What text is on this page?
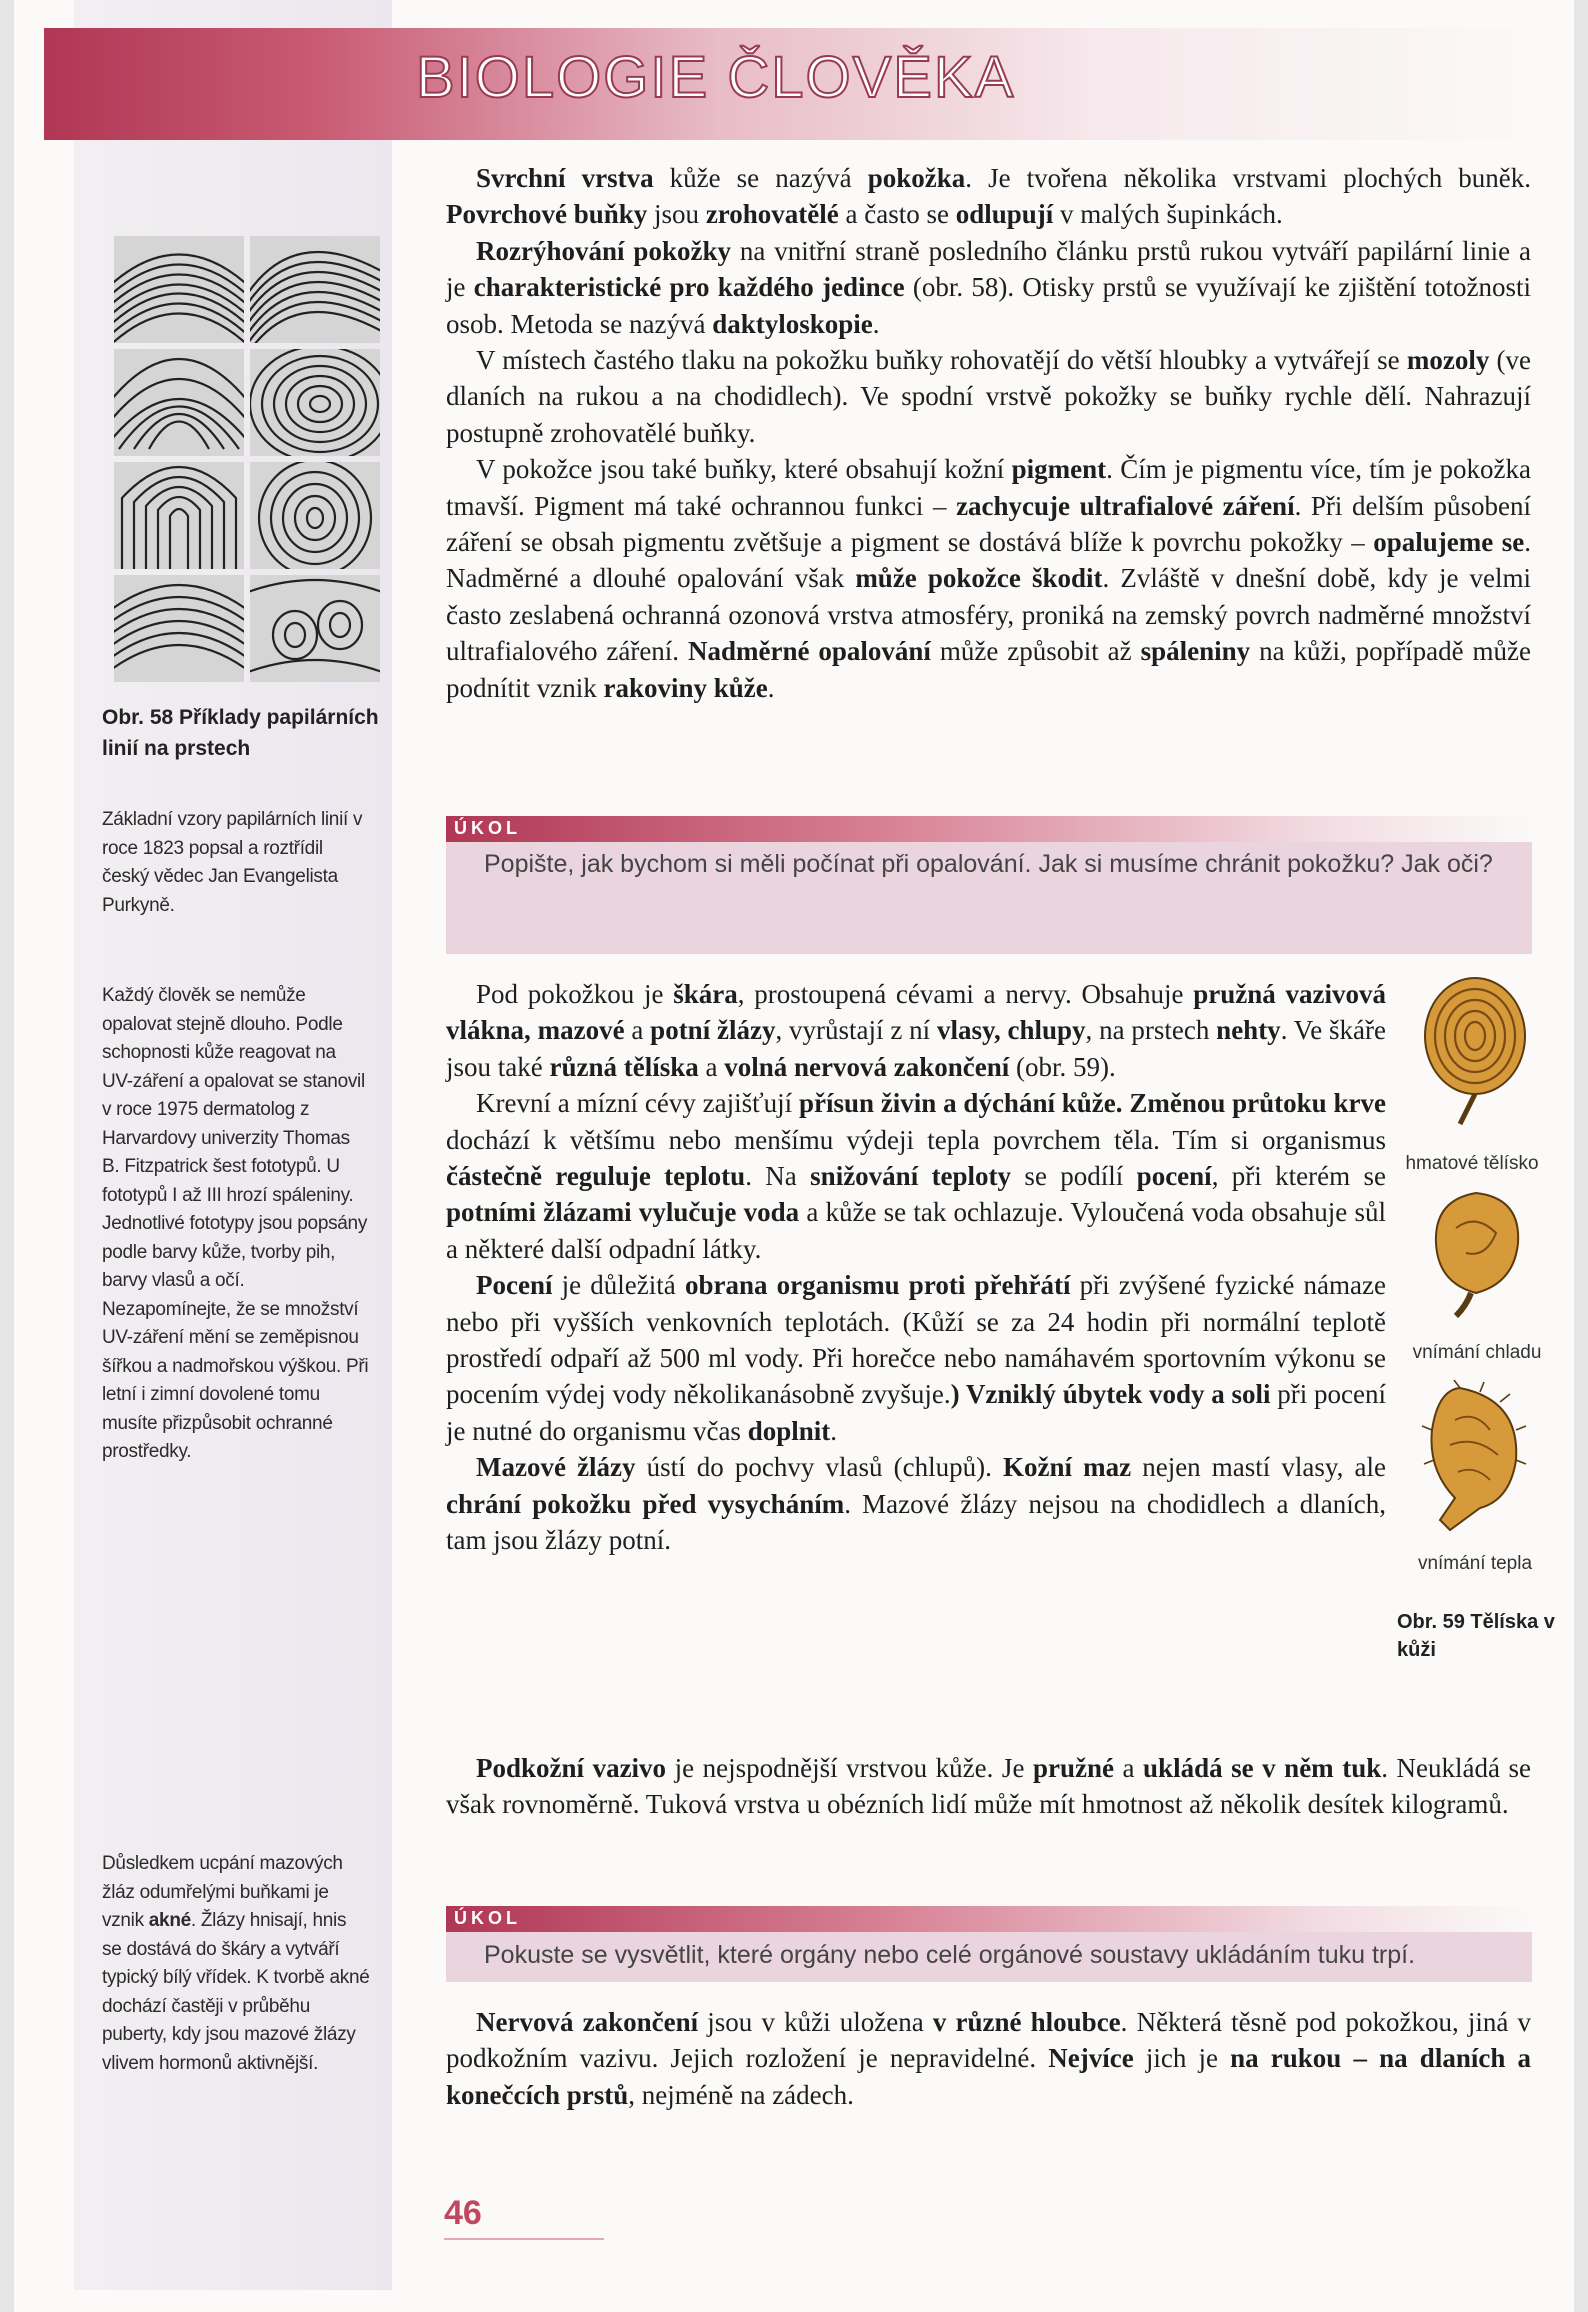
BIOLOGIE ČLOVĚKA
Obr. 58 Příklady papilárních linií na prstech
Základní vzory papilárních linií v roce 1823 popsal a roztřídil český vědec Jan Evangelista Purkyně.
Každý člověk se nemůže opalovat stejně dlouho. Podle schopnosti kůže reagovat na UV-záření a opalovat se stanovil v roce 1975 dermatolog z Harvardovy univerzity Thomas B. Fitzpatrick šest fototypů. U fototypů I až III hrozí spáleniny. Jednotlivé fototypy jsou popsány podle barvy kůže, tvorby pih, barvy vlasů a očí. Nezapomínejte, že se množství UV-záření mění se zeměpisnou šířkou a nadmořskou výškou. Při letní i zimní dovolené tomu musíte přizpůsobit ochranné prostředky.
Důsledkem ucpání mazových žláz odumřelými buňkami je vznik akné. Žlázy hnisají, hnis se dostává do škáry a vytváří typický bílý vřídek. K tvorbě akné dochází častěji v průběhu puberty, kdy jsou mazové žlázy vlivem hormonů aktivnější.

Svrchní vrstva kůže se nazývá pokožka. Je tvořena několika vrstvami plochých buněk. Povrchové buňky jsou zrohovatělé a často se odlupují v malých šupinkách.

Rozrýhování pokožky na vnitřní straně posledního článku prstů rukou vytváří papilární linie a je charakteristické pro každého jedince (obr. 58). Otisky prstů se využívají ke zjištění totožnosti osob. Metoda se nazývá daktyloskopie.

V místech častého tlaku na pokožku buňky rohovatějí do větší hloubky a vytvářejí se mozoly (ve dlaních na rukou a na chodidlech). Ve spodní vrstvě pokožky se buňky rychle dělí. Nahrazují postupně zrohovatělé buňky.

V pokožce jsou také buňky, které obsahují kožní pigment. Čím je pigmentu více, tím je pokožka tmavší. Pigment má také ochrannou funkci – zachycuje ultrafialové záření. Při delším působení záření se obsah pigmentu zvětšuje a pigment se dostává blíže k povrchu pokožky – opalujeme se. Nadměrné a dlouhé opalování však může pokožce škodit. Zvláště v dnešní době, kdy je velmi často zeslabená ochranná ozonová vrstva atmosféry, proniká na zemský povrch nadměrné množství ultrafialového záření. Nadměrné opalování může způsobit až spáleniny na kůži, popřípadě může podnítit vznik rakoviny kůže.

ÚKOL
Popište, jak bychom si měli počínat při opalování. Jak si musíme chránit pokožku? Jak oči?

Pod pokožkou je škára, prostoupená cévami a nervy. Obsahuje pružná vazivová vlákna, mazové a potní žlázy, vyrůstají z ní vlasy, chlupy, na prstech nehty. Ve škáře jsou také různá tělíska a volná nervová zakončení (obr. 59).

Krevní a mízní cévy zajišťují přísun živin a dýchání kůže. Změnou průtoku krve dochází k většímu nebo menšímu výdeji tepla povrchem těla. Tím si organismus částečně reguluje teplotu. Na snižování teploty se podílí pocení, při kterém se potními žlázami vylučuje voda a kůže se tak ochlazuje. Vyloučená voda obsahuje sůl a některé další odpadní látky.

Pocení je důležitá obrana organismu proti přehřátí při zvýšené fyzické námaze nebo při vyšších venkovních teplotách. (Kůží se za 24 hodin při normální teplotě prostředí odpaří až 500 ml vody. Při horečce nebo namáhavém sportovním výkonu se pocením výdej vody několikanásobně zvyšuje.) Vzniklý úbytek vody a soli při pocení je nutné do organismu včas doplnit.

Mazové žlázy ústí do pochvy vlasů (chlupů). Kožní maz nejen mastí vlasy, ale chrání pokožku před vysycháním. Mazové žlázy nejsou na chodidlech a dlaních, tam jsou žlázy potní.

Podkožní vazivo je nejspodnější vrstvou kůže. Je pružné a ukládá se v něm tuk. Neukládá se však rovnoměrně. Tuková vrstva u obézních lidí může mít hmotnost až několik desítek kilogramů.

ÚKOL
Pokuste se vysvětlit, které orgány nebo celé orgánové soustavy ukládáním tuku trpí.

Nervová zakončení jsou v kůži uložena v různé hloubce. Některá těsně pod pokožkou, jiná v podkožním vazivu. Jejich rozložení je nepravidelné. Nejvíce jich je na rukou – na dlaních a konečcích prstů, nejméně na zádech.

hmatové tělísko
vnímání chladu
vnímání tepla
Obr. 59 Tělíska v kůži
46
